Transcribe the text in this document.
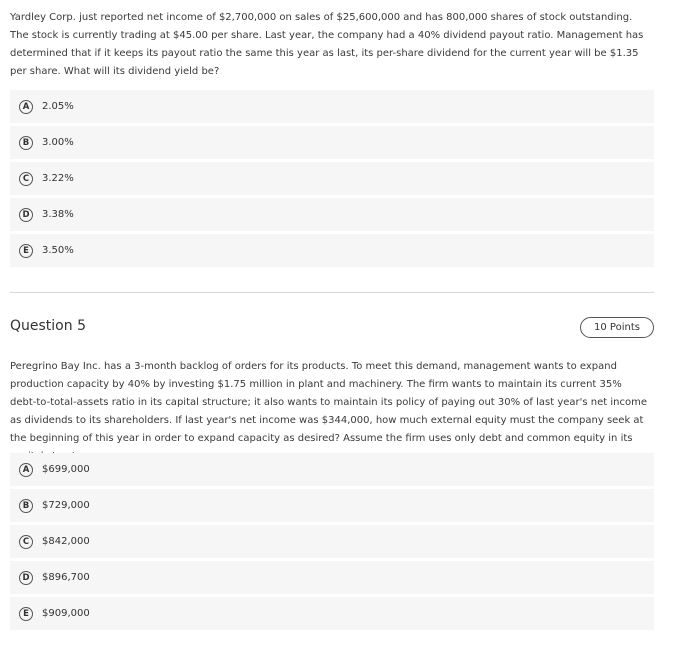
Yardley Corp. just reported net income of $2,700,000 on sales of $25,600,000 and has 800,000 shares of stock outstanding. The stock is currently trading at $45.00 per share. Last year, the company had a 40% dividend payout ratio. Management has determined that if it keeps its payout ratio the same this year as last, its per-share dividend for the current year will be $1.35 per share. What will its dividend yield be?

A	2.05%
B	3.00%
C	3.22%
D	3.38%
E	3.50%
Question 5	10 Points

Peregrino Bay Inc. has a 3-month backlog of orders for its products. To meet this demand, management wants to expand production capacity by 40% by investing $1.75 million in plant and machinery. The firm wants to maintain its current 35% debt-to-total-assets ratio in its capital structure; it also wants to maintain its policy of paying out 30% of last year's net income as dividends to its shareholders. If last year's net income was $344,000, how much external equity must the company seek at the beginning of this year in order to expand capacity as desired? Assume the firm uses only debt and common equity in its

A	$699,000
B	$729,000
C	$842,000
D	$896,700
E	$909,000
